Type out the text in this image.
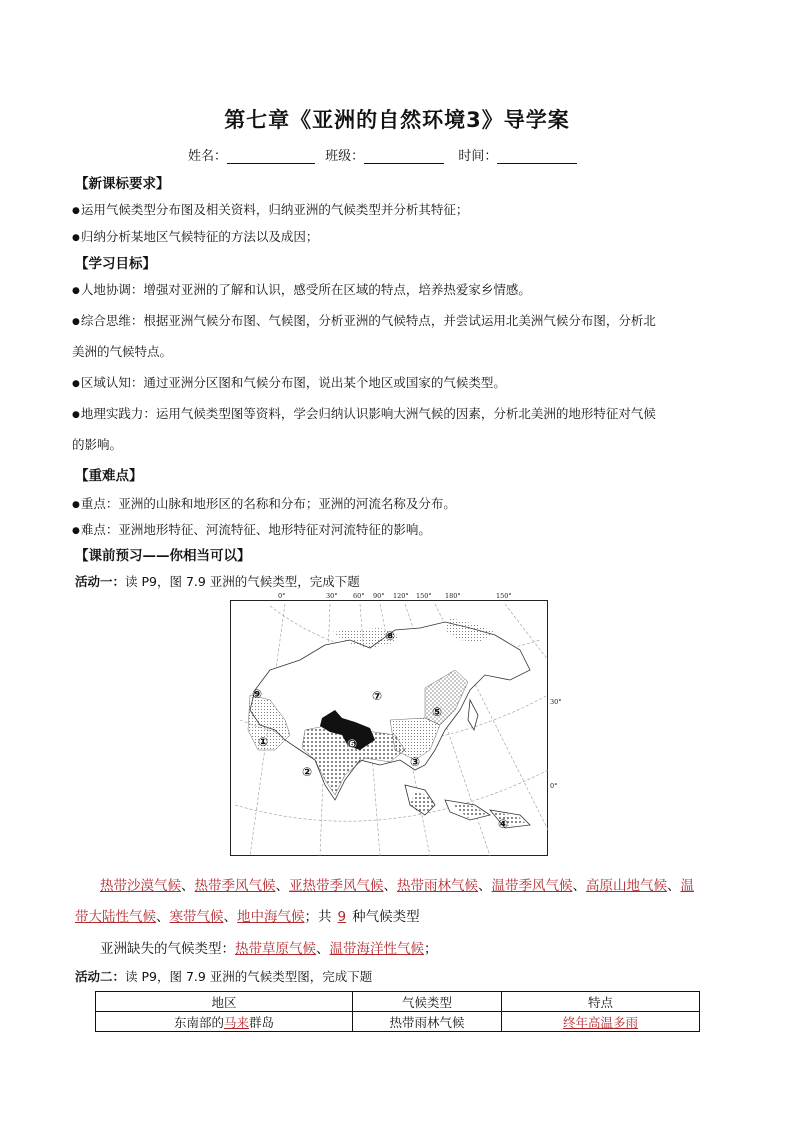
第七章《亚洲的自然环境3》导学案
姓名：	班级：	时间：
【新课标要求】
●运用气候类型分布图及相关资料，归纳亚洲的气候类型并分析其特征；
●归纳分析某地区气候特征的方法以及成因；
【学习目标】
●人地协调：增强对亚洲的了解和认识，感受所在区域的特点，培养热爱家乡情感。
●综合思维：根据亚洲气候分布图、气候图，分析亚洲的气候特点，并尝试运用北美洲气候分布图，分析北
美洲的气候特点。
●区域认知：通过亚洲分区图和气候分布图，说出某个地区或国家的气候类型。
●地理实践力：运用气候类型图等资料，学会归纳认识影响大洲气候的因素，分析北美洲的地形特征对气候
的影响。
【重难点】
●重点：亚洲的山脉和地形区的名称和分布；亚洲的河流名称及分布。
●难点：亚洲地形特征、河流特征、地形特征对河流特征的影响。
【课前预习——你相当可以】
活动一：读 P9，图 7.9 亚洲的气候类型，完成下题
0°	30° 60° 90° 120° 150° 180°	150°
30°
0°
①
②
③
④
⑤
⑥
⑦
⑧
⑨
热带沙漠气候、热带季风气候、亚热带季风气候、热带雨林气候、温带季风气候、高原山地气候、温
带大陆性气候、寒带气候、地中海气候；共 9 种气候类型
亚洲缺失的气候类型：热带草原气候、温带海洋性气候；
活动二：读 P9，图 7.9 亚洲的气候类型图，完成下题
地区	气候类型	特点
东南部的马来群岛	热带雨林气候	终年高温多雨
